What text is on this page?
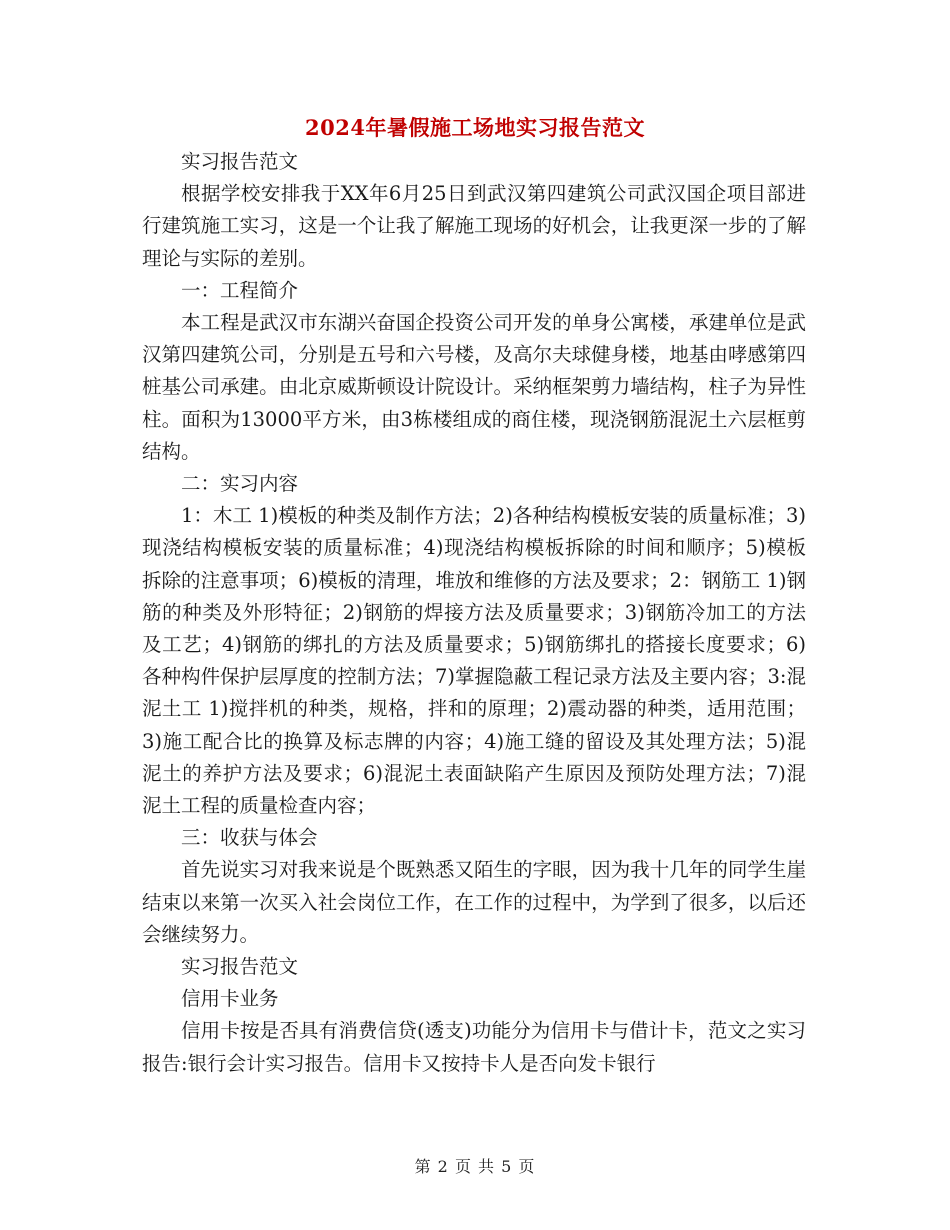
2024年暑假施工场地实习报告范文

实习报告范文

根据学校安排我于XX年6月25日到武汉第四建筑公司武汉国企项目部进行建筑施工实习，这是一个让我了解施工现场的好机会，让我更深一步的了解理论与实际的差别。

一：工程简介

本工程是武汉市东湖兴奋国企投资公司开发的单身公寓楼，承建单位是武汉第四建筑公司，分别是五号和六号楼，及高尔夫球健身楼，地基由哮感第四桩基公司承建。由北京威斯顿设计院设计。采纳框架剪力墙结构，柱子为异性柱。面积为13000平方米，由3栋楼组成的商住楼，现浇钢筋混泥土六层框剪结构。

二：实习内容

1：木工 1)模板的种类及制作方法；2)各种结构模板安装的质量标准；3)现浇结构模板安装的质量标准；4)现浇结构模板拆除的时间和顺序；5)模板拆除的注意事项；6)模板的清理，堆放和维修的方法及要求；2：钢筋工 1)钢筋的种类及外形特征；2)钢筋的焊接方法及质量要求；3)钢筋冷加工的方法及工艺；4)钢筋的绑扎的方法及质量要求；5)钢筋绑扎的搭接长度要求；6)各种构件保护层厚度的控制方法；7)掌握隐蔽工程记录方法及主要内容；3:混泥土工 1)搅拌机的种类，规格，拌和的原理；2)震动器的种类，适用范围；3)施工配合比的换算及标志牌的内容；4)施工缝的留设及其处理方法；5)混泥土的养护方法及要求；6)混泥土表面缺陷产生原因及预防处理方法；7)混泥土工程的质量检查内容；

三：收获与体会

首先说实习对我来说是个既熟悉又陌生的字眼，因为我十几年的同学生崖结束以来第一次买入社会岗位工作，在工作的过程中，为学到了很多，以后还会继续努力。

实习报告范文

信用卡业务

信用卡按是否具有消费信贷(透支)功能分为信用卡与借计卡，范文之实习报告:银行会计实习报告。信用卡又按持卡人是否向发卡银行

第 2 页 共 5 页
